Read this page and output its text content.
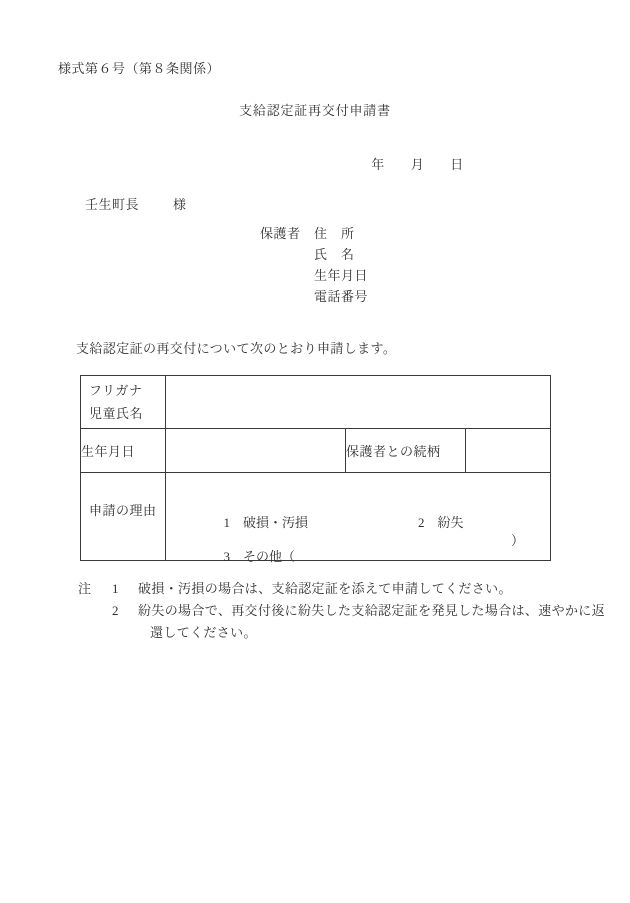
様式第６号（第８条関係）
支給認定証再交付申請書

年 月 日

壬生町長	様

保護者	住　所
氏　名
生年月日
電話番号
支給認定証の再交付について次のとおり申請します。
フリガナ
児童氏名			

生年月日		保護者との続柄	

申請の理由	1 破損・汚損 2 紛失

3 その他（

）		
注	1	破損・汚損の場合は、支給認定証を添えて申請してください。
2	紛失の場合で、再交付後に紛失した支給認定証を発見した場合は、速やかに返
還してください。
